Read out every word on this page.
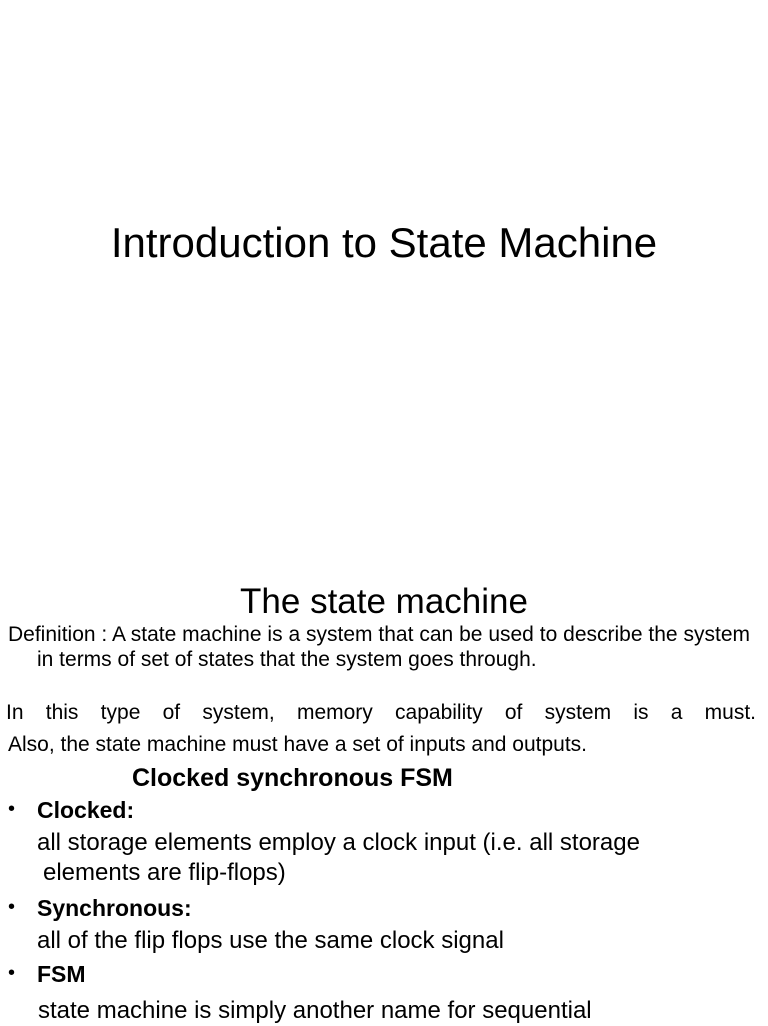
Introduction to State Machine
The state machine
Definition : A state machine is a system that can be used to describe the system in terms of set of states that the system goes through.
In this type of system, memory capability of system is a must.
Also, the state machine must have a set of inputs and outputs.
Clocked synchronous FSM
• Clocked:
all storage elements employ a clock input (i.e. all storage
elements are flip-flops)
• Synchronous:
all of the flip flops use the same clock signal
• FSM
state machine is simply another name for sequential
